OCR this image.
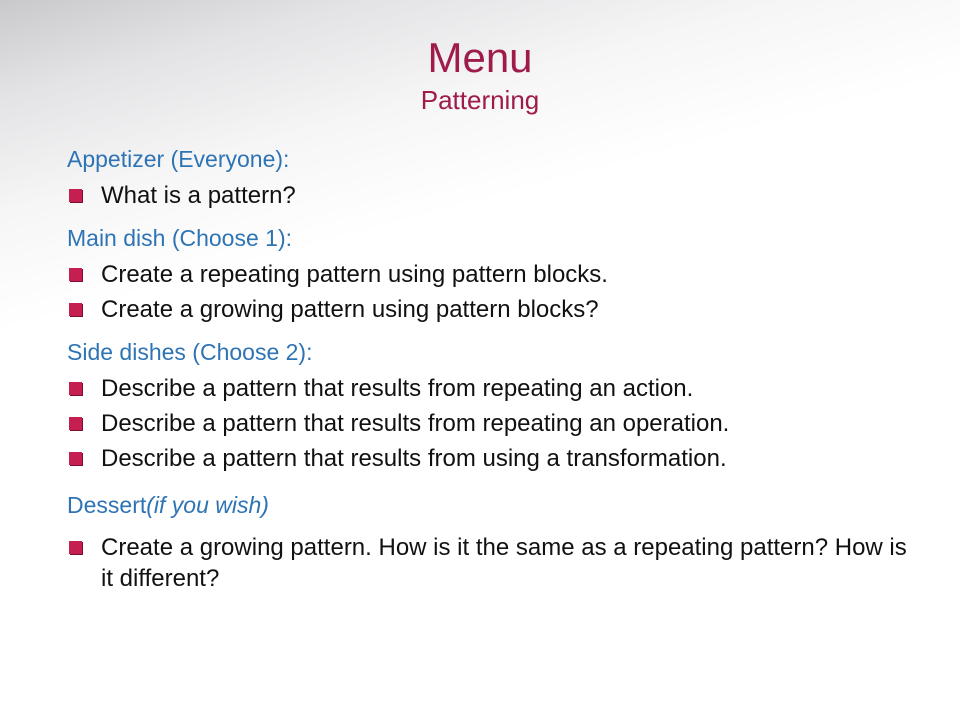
Menu
Patterning
Appetizer (Everyone):
What is a pattern?
Main dish (Choose 1):
Create a repeating pattern using pattern blocks.
Create a growing pattern using pattern blocks?
Side dishes (Choose 2):
Describe a pattern that results from repeating an action.
Describe a pattern that results from repeating an operation.
Describe a pattern that results from using a transformation.
Dessert(if you wish)
Create a growing pattern. How is it the same as a repeating pattern? How is it different?
